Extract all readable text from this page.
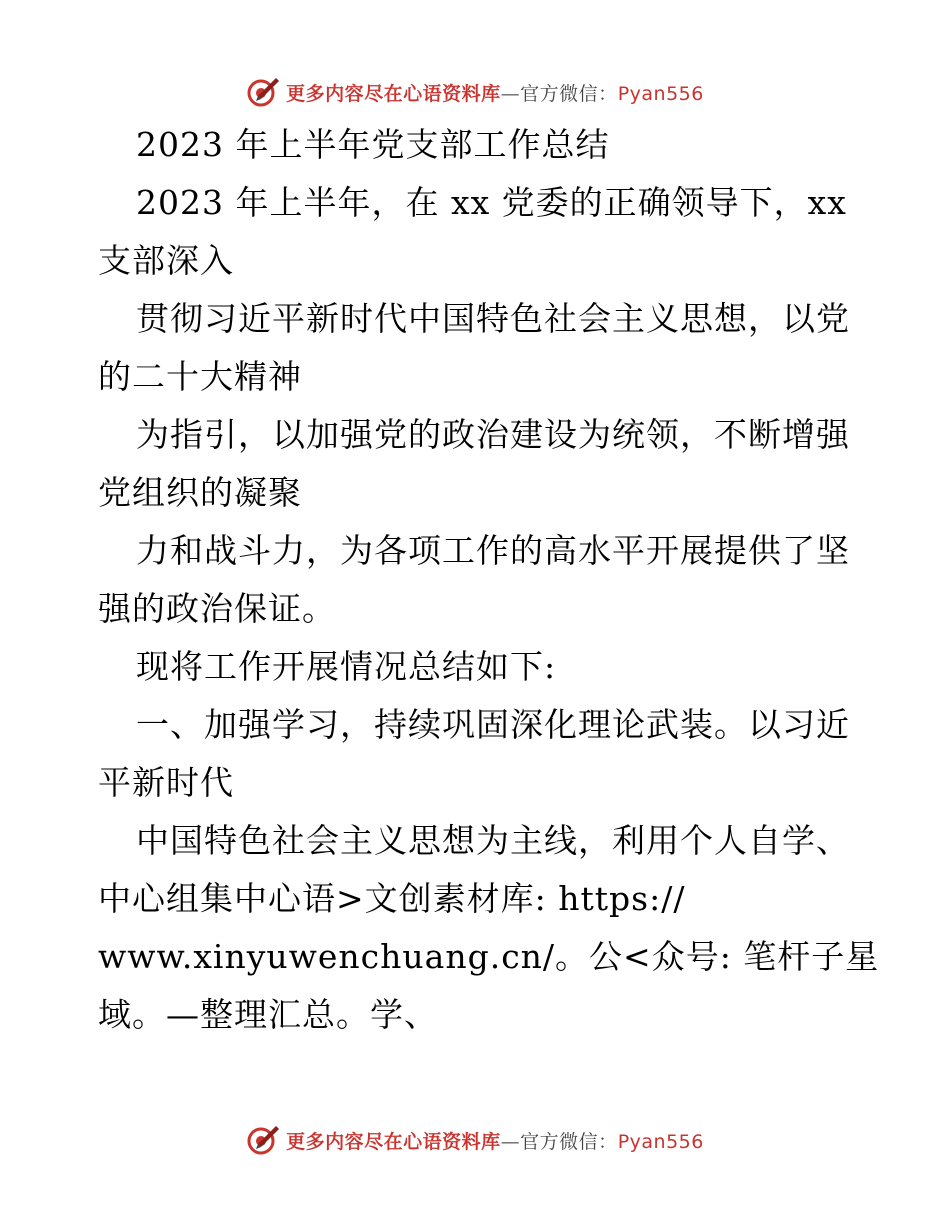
更多内容尽在心语资料库—官方微信：Pyan556
2023 年上半年党支部工作总结
2023 年上半年，在 xx 党委的正确领导下，xx
支部深入
贯彻习近平新时代中国特色社会主义思想，以党
的二十大精神
为指引，以加强党的政治建设为统领，不断增强
党组织的凝聚
力和战斗力，为各项工作的高水平开展提供了坚
强的政治保证。
现将工作开展情况总结如下:
一、加强学习，持续巩固深化理论武装。以习近
平新时代
中国特色社会主义思想为主线，利用个人自学、
中心组集中心语>文创素材库: https://
www.xinyuwenchuang.cn/。公<众号: 笔杆子星
域。—整理汇总。学、
更多内容尽在心语资料库—官方微信：Pyan556
